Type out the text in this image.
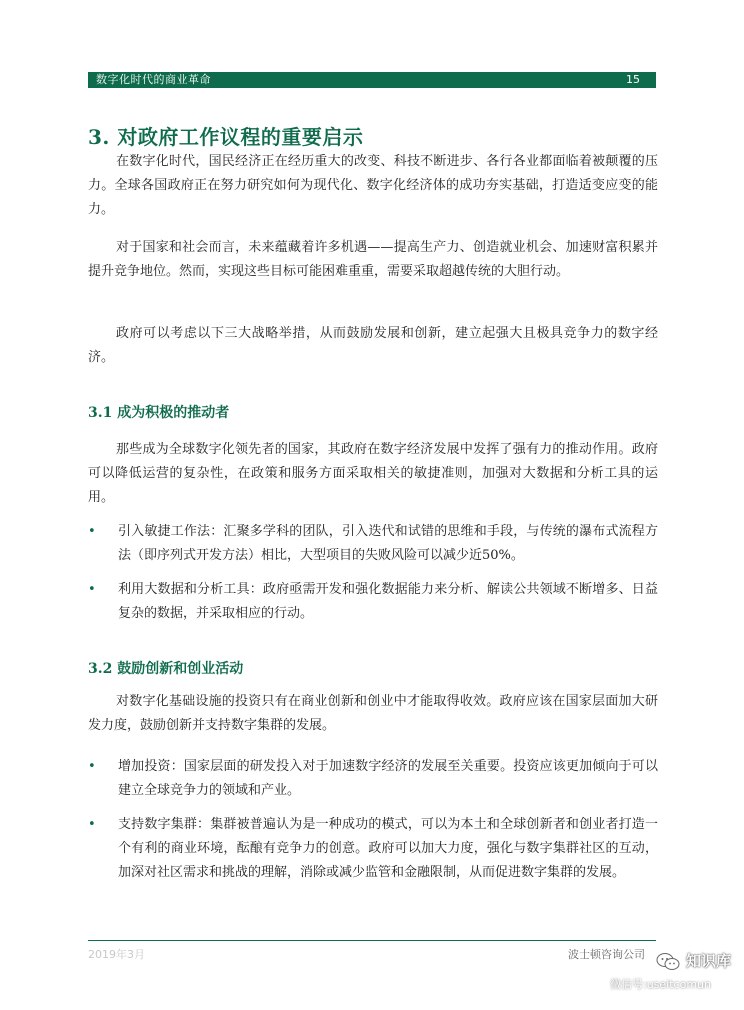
数字化时代的商业革命	15
3. 对政府工作议程的重要启示

在数字化时代，国民经济正在经历重大的改变、科技不断进步、各行各业都面临着被颠覆的压力。全球各国政府正在努力研究如何为现代化、数字化经济体的成功夯实基础，打造适变应变的能力。

对于国家和社会而言，未来蕴藏着许多机遇——提高生产力、创造就业机会、加速财富积累并提升竞争地位。然而，实现这些目标可能困难重重，需要采取超越传统的大胆行动。

政府可以考虑以下三大战略举措，从而鼓励发展和创新，建立起强大且极具竞争力的数字经济。

3.1 成为积极的推动者

那些成为全球数字化领先者的国家，其政府在数字经济发展中发挥了强有力的推动作用。政府可以降低运营的复杂性，在政策和服务方面采取相关的敏捷准则，加强对大数据和分析工具的运用。

• 引入敏捷工作法：汇聚多学科的团队，引入迭代和试错的思维和手段，与传统的瀑布式流程方法（即序列式开发方法）相比，大型项目的失败风险可以减少近50%。
• 利用大数据和分析工具：政府亟需开发和强化数据能力来分析、解读公共领域不断增多、日益复杂的数据，并采取相应的行动。
3.2 鼓励创新和创业活动

对数字化基础设施的投资只有在商业创新和创业中才能取得收效。政府应该在国家层面加大研发力度，鼓励创新并支持数字集群的发展。

• 增加投资：国家层面的研发投入对于加速数字经济的发展至关重要。投资应该更加倾向于可以建立全球竞争力的领域和产业。
• 支持数字集群：集群被普遍认为是一种成功的模式，可以为本土和全球创新者和创业者打造一个有利的商业环境，酝酿有竞争力的创意。政府可以加大力度，强化与数字集群社区的互动，加深对社区需求和挑战的理解，消除或减少监管和金融限制，从而促进数字集群的发展。
2019年3月	波士顿咨询公司	知识库
微信号:useitcomun
